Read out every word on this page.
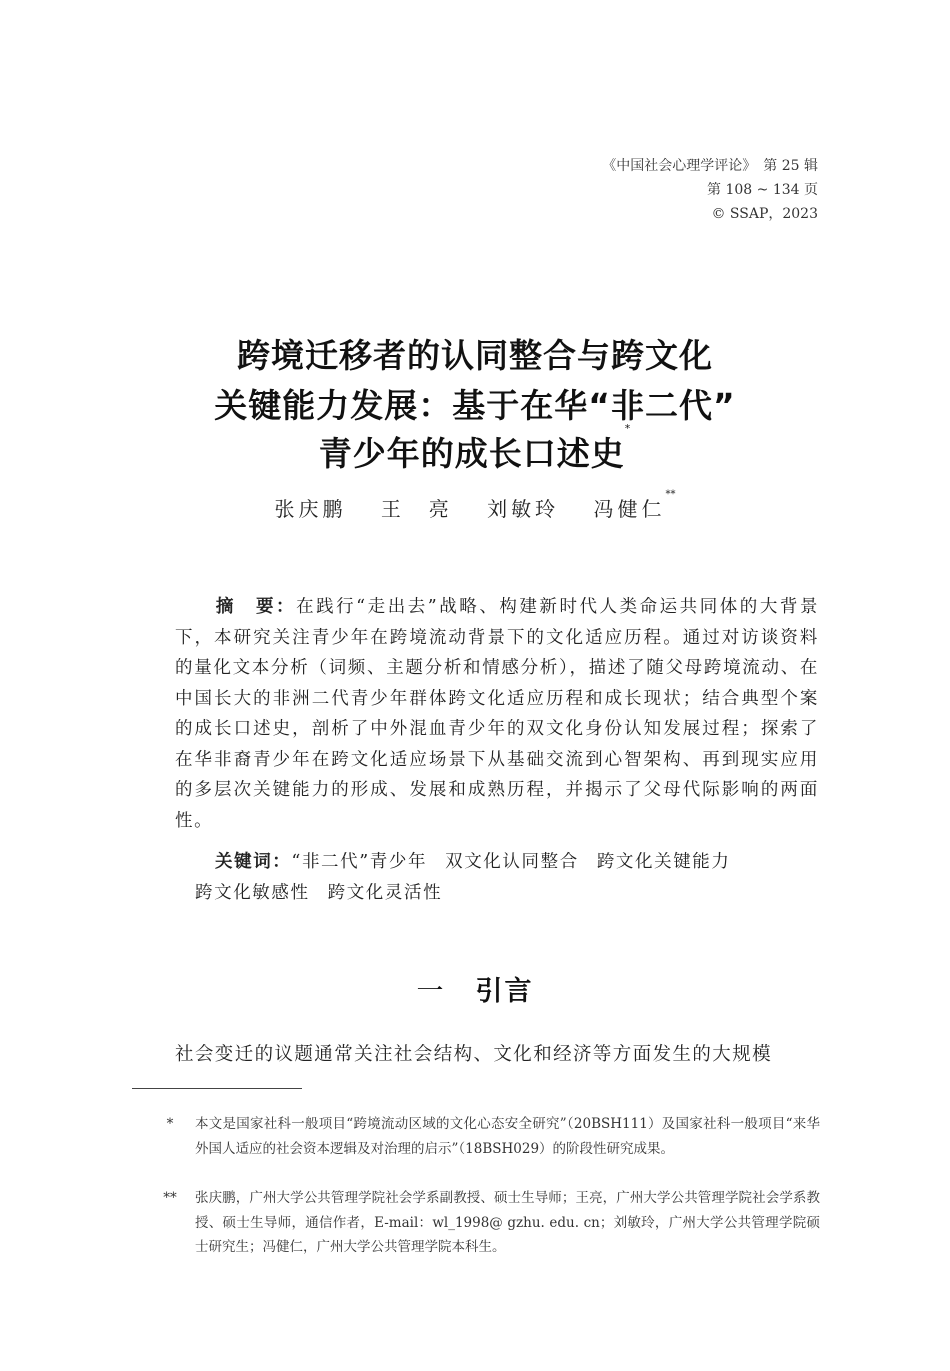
《中国社会心理学评论》　第 25 辑
第 108 ~ 134 页
© SSAP，2023
跨境迁移者的认同整合与跨文化
关键能力发展：基于在华“非二代”
青少年的成长口述史*
张庆鹏 王　亮 刘敏玲 冯健仁**
摘　要：在践行“走出去”战略、构建新时代人类命运共同体的大背景下，本研究关注青少年在跨境流动背景下的文化适应历程。通过对访谈资料的量化文本分析（词频、主题分析和情感分析），描述了随父母跨境流动、在中国长大的非洲二代青少年群体跨文化适应历程和成长现状；结合典型个案的成长口述史，剖析了中外混血青少年的双文化身份认知发展过程；探索了在华非裔青少年在跨文化适应场景下从基础交流到心智架构、再到现实应用的多层次关键能力的形成、发展和成熟历程，并揭示了父母代际影响的两面性。
关键词：“非二代”青少年 双文化认同整合 跨文化关键能力
跨文化敏感性 跨文化灵活性
一 引言
社会变迁的议题通常关注社会结构、文化和经济等方面发生的大规模
*	本文是国家社科一般项目“跨境流动区域的文化心态安全研究”（20BSH111）及国家社科一般项目“来华外国人适应的社会资本逻辑及对治理的启示”（18BSH029）的阶段性研究成果。
**	张庆鹏，广州大学公共管理学院社会学系副教授、硕士生导师；王亮，广州大学公共管理学院社会学系教授、硕士生导师，通信作者，E-mail：wl_1998@ gzhu. edu. cn；刘敏玲，广州大学公共管理学院硕士研究生；冯健仁，广州大学公共管理学院本科生。
